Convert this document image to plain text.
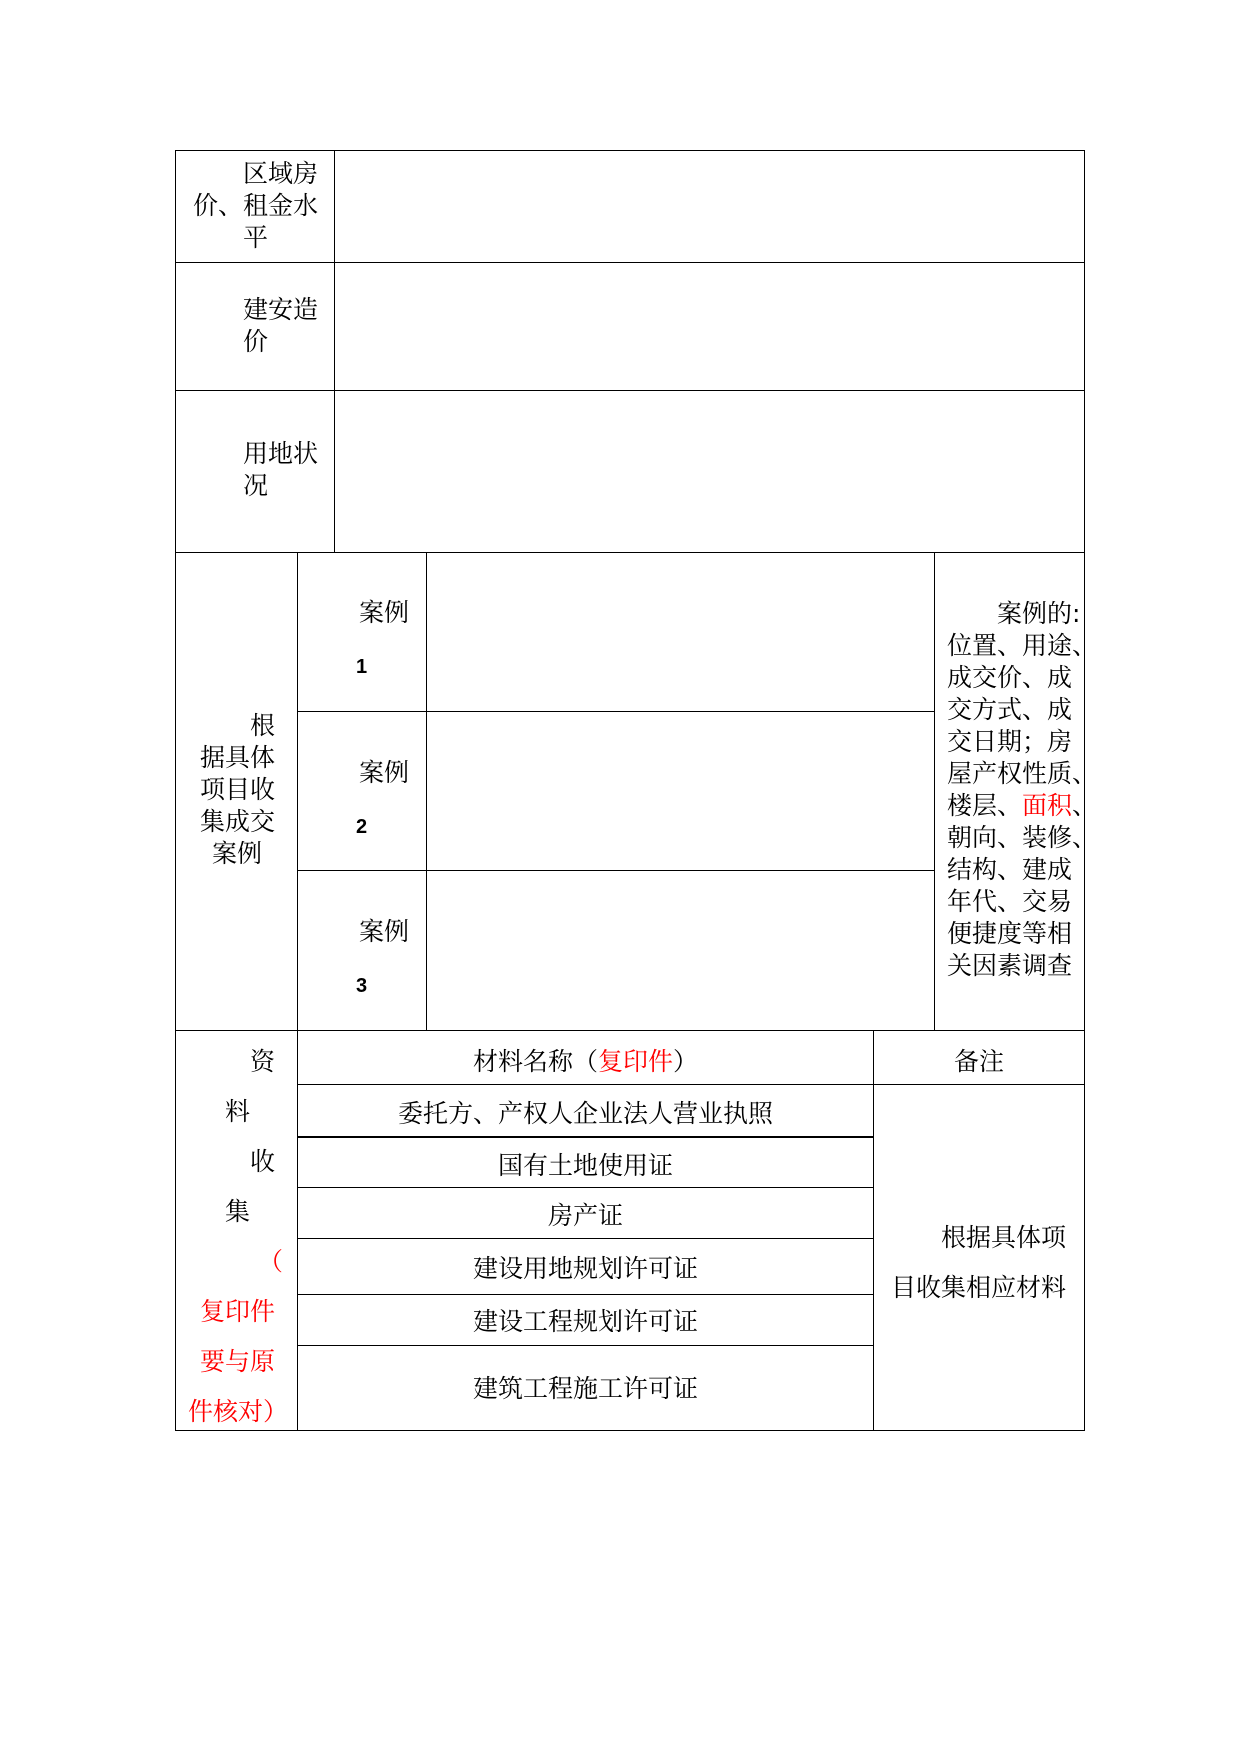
区域房
价、租金水
平
建安造
价
用地状
况
根
据具体
项目收
集成交
案例
案例
1
案例
2
案例
3
案例的:
位置、用途、
成交价、成
交方式、成
交日期；房
屋产权性质、
楼层、面积、
朝向、装修、
结构、建成
年代、交易
便捷度等相
关因素调查
资
料
收
集
（
复印件
要与原
件核对）
材料名称（复印件）	备注
委托方、产权人企业法人营业执照
国有土地使用证
房产证
建设用地规划许可证
建设工程规划许可证
建筑工程施工许可证
根据具体项
目收集相应材料
